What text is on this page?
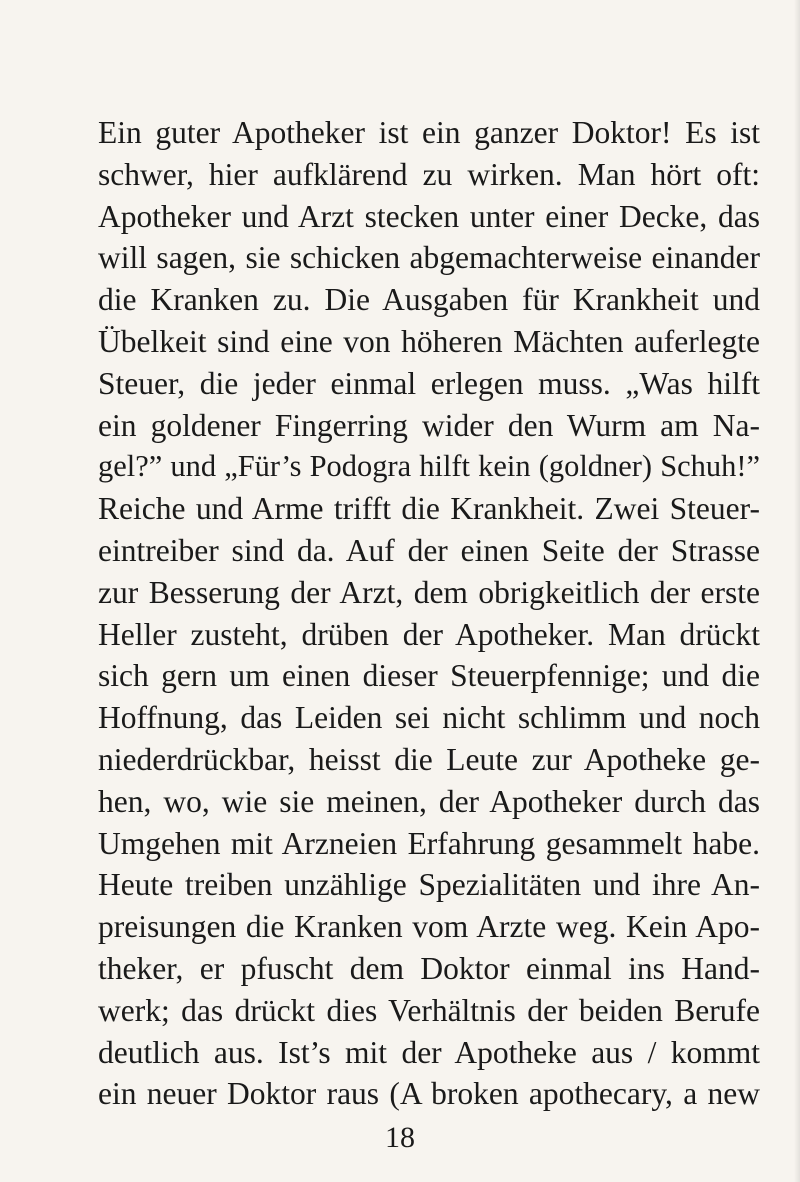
Ein guter Apotheker ist ein ganzer Doktor! Es ist
schwer, hier aufklärend zu wirken. Man hört oft:
Apotheker und Arzt stecken unter einer Decke, das
will sagen, sie schicken abgemachterweise einander
die Kranken zu. Die Ausgaben für Krankheit und
Übelkeit sind eine von höheren Mächten auferlegte
Steuer, die jeder einmal erlegen muss. „Was hilft
ein goldener Fingerring wider den Wurm am Na-
gel?” und „Für’s Podogra hilft kein (goldner) Schuh!”
Reiche und Arme trifft die Krankheit. Zwei Steuer-
eintreiber sind da. Auf der einen Seite der Strasse
zur Besserung der Arzt, dem obrigkeitlich der erste
Heller zusteht, drüben der Apotheker. Man drückt
sich gern um einen dieser Steuerpfennige; und die
Hoffnung, das Leiden sei nicht schlimm und noch
niederdrückbar, heisst die Leute zur Apotheke ge-
hen, wo, wie sie meinen, der Apotheker durch das
Umgehen mit Arzneien Erfahrung gesammelt habe.
Heute treiben unzählige Spezialitäten und ihre An-
preisungen die Kranken vom Arzte weg. Kein Apo-
theker, er pfuscht dem Doktor einmal ins Hand-
werk; das drückt dies Verhältnis der beiden Berufe
deutlich aus. Ist’s mit der Apotheke aus / kommt
ein neuer Doktor raus (A broken apothecary, a new
18
